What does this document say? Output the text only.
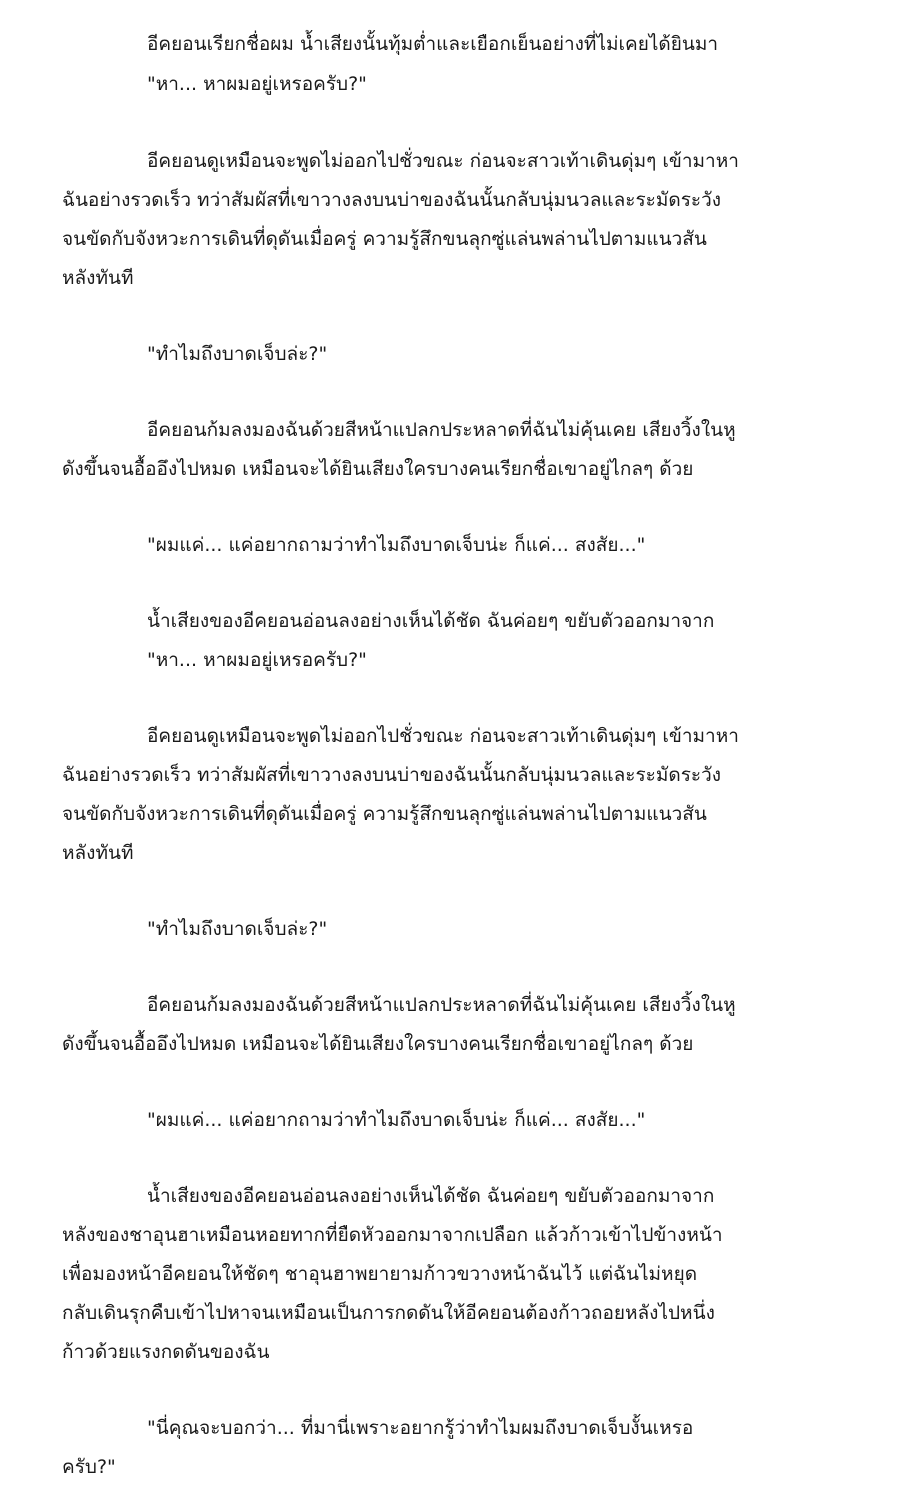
อีคยอนเรียกชื่อผม น้ำเสียงนั้นทุ้มต่ำและเยือกเย็นอย่างที่ไม่เคยได้ยินมา

"หา... หาผมอยู่เหรอครับ?"

อีคยอนดูเหมือนจะพูดไม่ออกไปชั่วขณะ ก่อนจะสาวเท้าเดินดุ่มๆ เข้ามาหา

ฉันอย่างรวดเร็ว ทว่าสัมผัสที่เขาวางลงบนบ่าของฉันนั้นกลับนุ่มนวลและระมัดระวัง

จนขัดกับจังหวะการเดินที่ดุดันเมื่อครู่ ความรู้สึกขนลุกซู่แล่นพล่านไปตามแนวสัน

หลังทันที

"ทำไมถึงบาดเจ็บล่ะ?"

อีคยอนก้มลงมองฉันด้วยสีหน้าแปลกประหลาดที่ฉันไม่คุ้นเคย เสียงวิ้งในหู

ดังขึ้นจนอื้ออึงไปหมด เหมือนจะได้ยินเสียงใครบางคนเรียกชื่อเขาอยู่ไกลๆ ด้วย

"ผมแค่... แค่อยากถามว่าทำไมถึงบาดเจ็บน่ะ ก็แค่... สงสัย..."

น้ำเสียงของอีคยอนอ่อนลงอย่างเห็นได้ชัด ฉันค่อยๆ ขยับตัวออกมาจาก

"หา... หาผมอยู่เหรอครับ?"

อีคยอนดูเหมือนจะพูดไม่ออกไปชั่วขณะ ก่อนจะสาวเท้าเดินดุ่มๆ เข้ามาหา

ฉันอย่างรวดเร็ว ทว่าสัมผัสที่เขาวางลงบนบ่าของฉันนั้นกลับนุ่มนวลและระมัดระวัง

จนขัดกับจังหวะการเดินที่ดุดันเมื่อครู่ ความรู้สึกขนลุกซู่แล่นพล่านไปตามแนวสัน

หลังทันที

"ทำไมถึงบาดเจ็บล่ะ?"

อีคยอนก้มลงมองฉันด้วยสีหน้าแปลกประหลาดที่ฉันไม่คุ้นเคย เสียงวิ้งในหู

ดังขึ้นจนอื้ออึงไปหมด เหมือนจะได้ยินเสียงใครบางคนเรียกชื่อเขาอยู่ไกลๆ ด้วย

"ผมแค่... แค่อยากถามว่าทำไมถึงบาดเจ็บน่ะ ก็แค่... สงสัย..."

น้ำเสียงของอีคยอนอ่อนลงอย่างเห็นได้ชัด ฉันค่อยๆ ขยับตัวออกมาจาก

หลังของชาอุนฮาเหมือนหอยทากที่ยืดหัวออกมาจากเปลือก แล้วก้าวเข้าไปข้างหน้า

เพื่อมองหน้าอีคยอนให้ชัดๆ ชาอุนฮาพยายามก้าวขวางหน้าฉันไว้ แต่ฉันไม่หยุด

กลับเดินรุกคืบเข้าไปหาจนเหมือนเป็นการกดดันให้อีคยอนต้องก้าวถอยหลังไปหนึ่ง

ก้าวด้วยแรงกดดันของฉัน

"นี่คุณจะบอกว่า... ที่มานี่เพราะอยากรู้ว่าทำไมผมถึงบาดเจ็บงั้นเหรอ

ครับ?"
